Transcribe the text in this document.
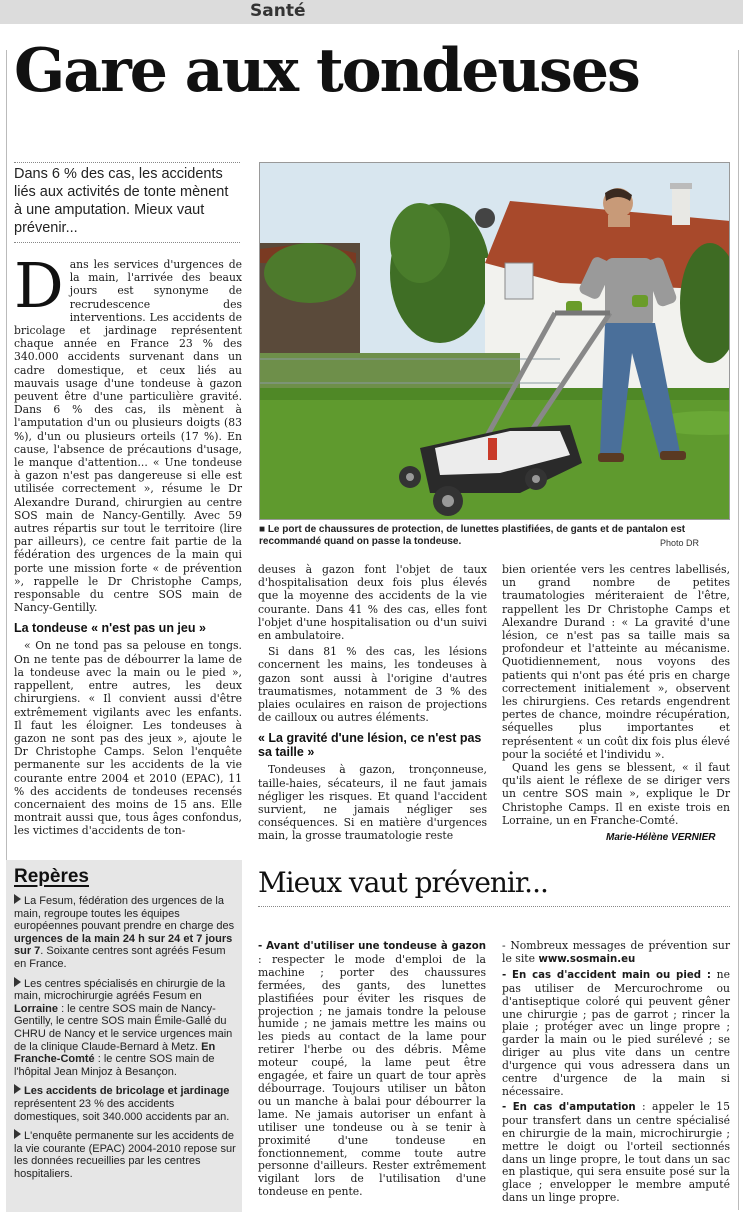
Santé
Gare aux tondeuses
Dans 6 % des cas, les accidents liés aux activités de tonte mènent à une amputation. Mieux vaut prévenir...

Dans les services d'urgences de la main, l'arrivée des beaux jours est synonyme de recrudescence des interventions. Les accidents de bricolage et jardinage représentent chaque année en France 23 % des 340.000 accidents survenant dans un cadre domestique, et ceux liés au mauvais usage d'une tondeuse à gazon peuvent être d'une particulière gravité. Dans 6 % des cas, ils mènent à l'amputation d'un ou plusieurs doigts (83 %), d'un ou plusieurs orteils (17 %). En cause, l'absence de précautions d'usage, le manque d'attention... « Une tondeuse à gazon n'est pas dangereuse si elle est utilisée correctement », résume le Dr Alexandre Durand, chirurgien au centre SOS main de Nancy-Gentilly. Avec 59 autres répartis sur tout le territoire (lire par ailleurs), ce centre fait partie de la fédération des urgences de la main qui porte une mission forte « de prévention », rappelle le Dr Christophe Camps, responsable du centre SOS main de Nancy-Gentilly.

La tondeuse « n'est pas un jeu »

« On ne tond pas sa pelouse en tongs. On ne tente pas de débourrer la lame de la tondeuse avec la main ou le pied », rappellent, entre autres, les deux chirurgiens. « Il convient aussi d'être extrêmement vigilants avec les enfants. Il faut les éloigner. Les tondeuses à gazon ne sont pas des jeux », ajoute le Dr Christophe Camps. Selon l'enquête permanente sur les accidents de la vie courante entre 2004 et 2010 (EPAC), 11 % des accidents de tondeuses recensés concernaient des moins de 15 ans. Elle montrait aussi que, tous âges confondus, les victimes d'accidents de ton-

■ Le port de chaussures de protection, de lunettes plastifiées, de gants et de pantalon est recommandé quand on passe la tondeuse.	Photo DR

deuses à gazon font l'objet de taux d'hospitalisation deux fois plus élevés que la moyenne des accidents de la vie courante. Dans 41 % des cas, elles font l'objet d'une hospitalisation ou d'un suivi en ambulatoire.

Si dans 81 % des cas, les lésions concernent les mains, les tondeuses à gazon sont aussi à l'origine d'autres traumatismes, notamment de 3 % des plaies oculaires en raison de projections de cailloux ou autres éléments.

« La gravité d'une lésion, ce n'est pas sa taille »

Tondeuses à gazon, tronçonneuse, taille-haies, sécateurs, il ne faut jamais négliger les risques. Et quand l'accident survient, ne jamais négliger ses conséquences. Si en matière d'urgences main, la grosse traumatologie reste

bien orientée vers les centres labellisés, un grand nombre de petites traumatologies mériteraient de l'être, rappellent les Dr Christophe Camps et Alexandre Durand : « La gravité d'une lésion, ce n'est pas sa taille mais sa profondeur et l'atteinte au mécanisme. Quotidiennement, nous voyons des patients qui n'ont pas été pris en charge correctement initialement », observent les chirurgiens. Ces retards engendrent pertes de chance, moindre récupération, séquelles plus importantes et représentent « un coût dix fois plus élevé pour la société et l'individu ».

Quand les gens se blessent, « il faut qu'ils aient le réflexe de se diriger vers un centre SOS main », explique le Dr Christophe Camps. Il en existe trois en Lorraine, un en Franche-Comté.

Marie-Hélène VERNIER
Repères
La Fesum, fédération des urgences de la main, regroupe toutes les équipes européennes pouvant prendre en charge des urgences de la main 24 h sur 24 et 7 jours sur 7. Soixante centres sont agréés Fesum en France.
Les centres spécialisés en chirurgie de la main, microchirurgie agréés Fesum en Lorraine : le centre SOS main de Nancy-Gentilly, le centre SOS main Émile-Gallé du CHRU de Nancy et le service urgences main de la clinique Claude-Bernard à Metz. En Franche-Comté : le centre SOS main de l'hôpital Jean Minjoz à Besançon.
Les accidents de bricolage et jardinage représentent 23 % des accidents domestiques, soit 340.000 accidents par an.
L'enquête permanente sur les accidents de la vie courante (EPAC) 2004-2010 repose sur les données recueillies par les centres hospitaliers.
Mieux vaut prévenir...

- Avant d'utiliser une tondeuse à gazon : respecter le mode d'emploi de la machine ; porter des chaussures fermées, des gants, des lunettes plastifiées pour éviter les risques de projection ; ne jamais tondre la pelouse humide ; ne jamais mettre les mains ou les pieds au contact de la lame pour retirer l'herbe ou des débris. Même moteur coupé, la lame peut être engagée, et faire un quart de tour après débourrage. Toujours utiliser un bâton ou un manche à balai pour débourrer la lame. Ne jamais autoriser un enfant à utiliser une tondeuse ou à se tenir à proximité d'une tondeuse en fonctionnement, comme toute autre personne d'ailleurs. Rester extrêmement vigilant lors de l'utilisation d'une tondeuse en pente.

- Nombreux messages de prévention sur le site www.sosmain.eu

- En cas d'accident main ou pied : ne pas utiliser de Mercurochrome ou d'antiseptique coloré qui peuvent gêner une chirurgie ; pas de garrot ; rincer la plaie ; protéger avec un linge propre ; garder la main ou le pied surélevé ; se diriger au plus vite dans un centre d'urgence qui vous adressera dans un centre d'urgence de la main si nécessaire.

- En cas d'amputation : appeler le 15 pour transfert dans un centre spécialisé en chirurgie de la main, microchirurgie ; mettre le doigt ou l'orteil sectionnés dans un linge propre, le tout dans un sac en plastique, qui sera ensuite posé sur la glace ; envelopper le membre amputé dans un linge propre.
